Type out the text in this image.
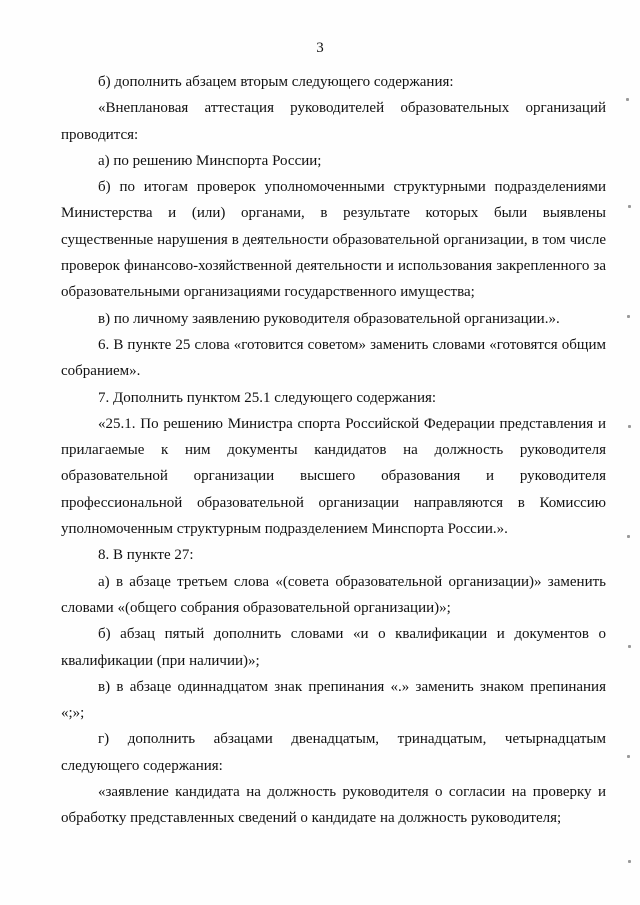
3

б) дополнить абзацем вторым следующего содержания:

«Внеплановая аттестация руководителей образовательных организаций проводится:

а) по решению Минспорта России;

б) по итогам проверок уполномоченными структурными подразделениями Министерства и (или) органами, в результате которых были выявлены существенные нарушения в деятельности образовательной организации, в том числе проверок финансово-хозяйственной деятельности и использования закрепленного за образовательными организациями государственного имущества;

в) по личному заявлению руководителя образовательной организации.».

6. В пункте 25 слова «готовится советом» заменить словами «готовятся общим собранием».

7. Дополнить пунктом 25.1 следующего содержания:

«25.1. По решению Министра спорта Российской Федерации представления и прилагаемые к ним документы кандидатов на должность руководителя образовательной организации высшего образования и руководителя профессиональной образовательной организации направляются в Комиссию уполномоченным структурным подразделением Минспорта России.».

8. В пункте 27:

а) в абзаце третьем слова «(совета образовательной организации)» заменить словами «(общего собрания образовательной организации)»;

б) абзац пятый дополнить словами «и о квалификации и документов о квалификации (при наличии)»;

в) в абзаце одиннадцатом знак препинания «.» заменить знаком препинания «;»;

г) дополнить абзацами двенадцатым, тринадцатым, четырнадцатым следующего содержания:

«заявление кандидата на должность руководителя о согласии на проверку и обработку представленных сведений о кандидате на должность руководителя;
